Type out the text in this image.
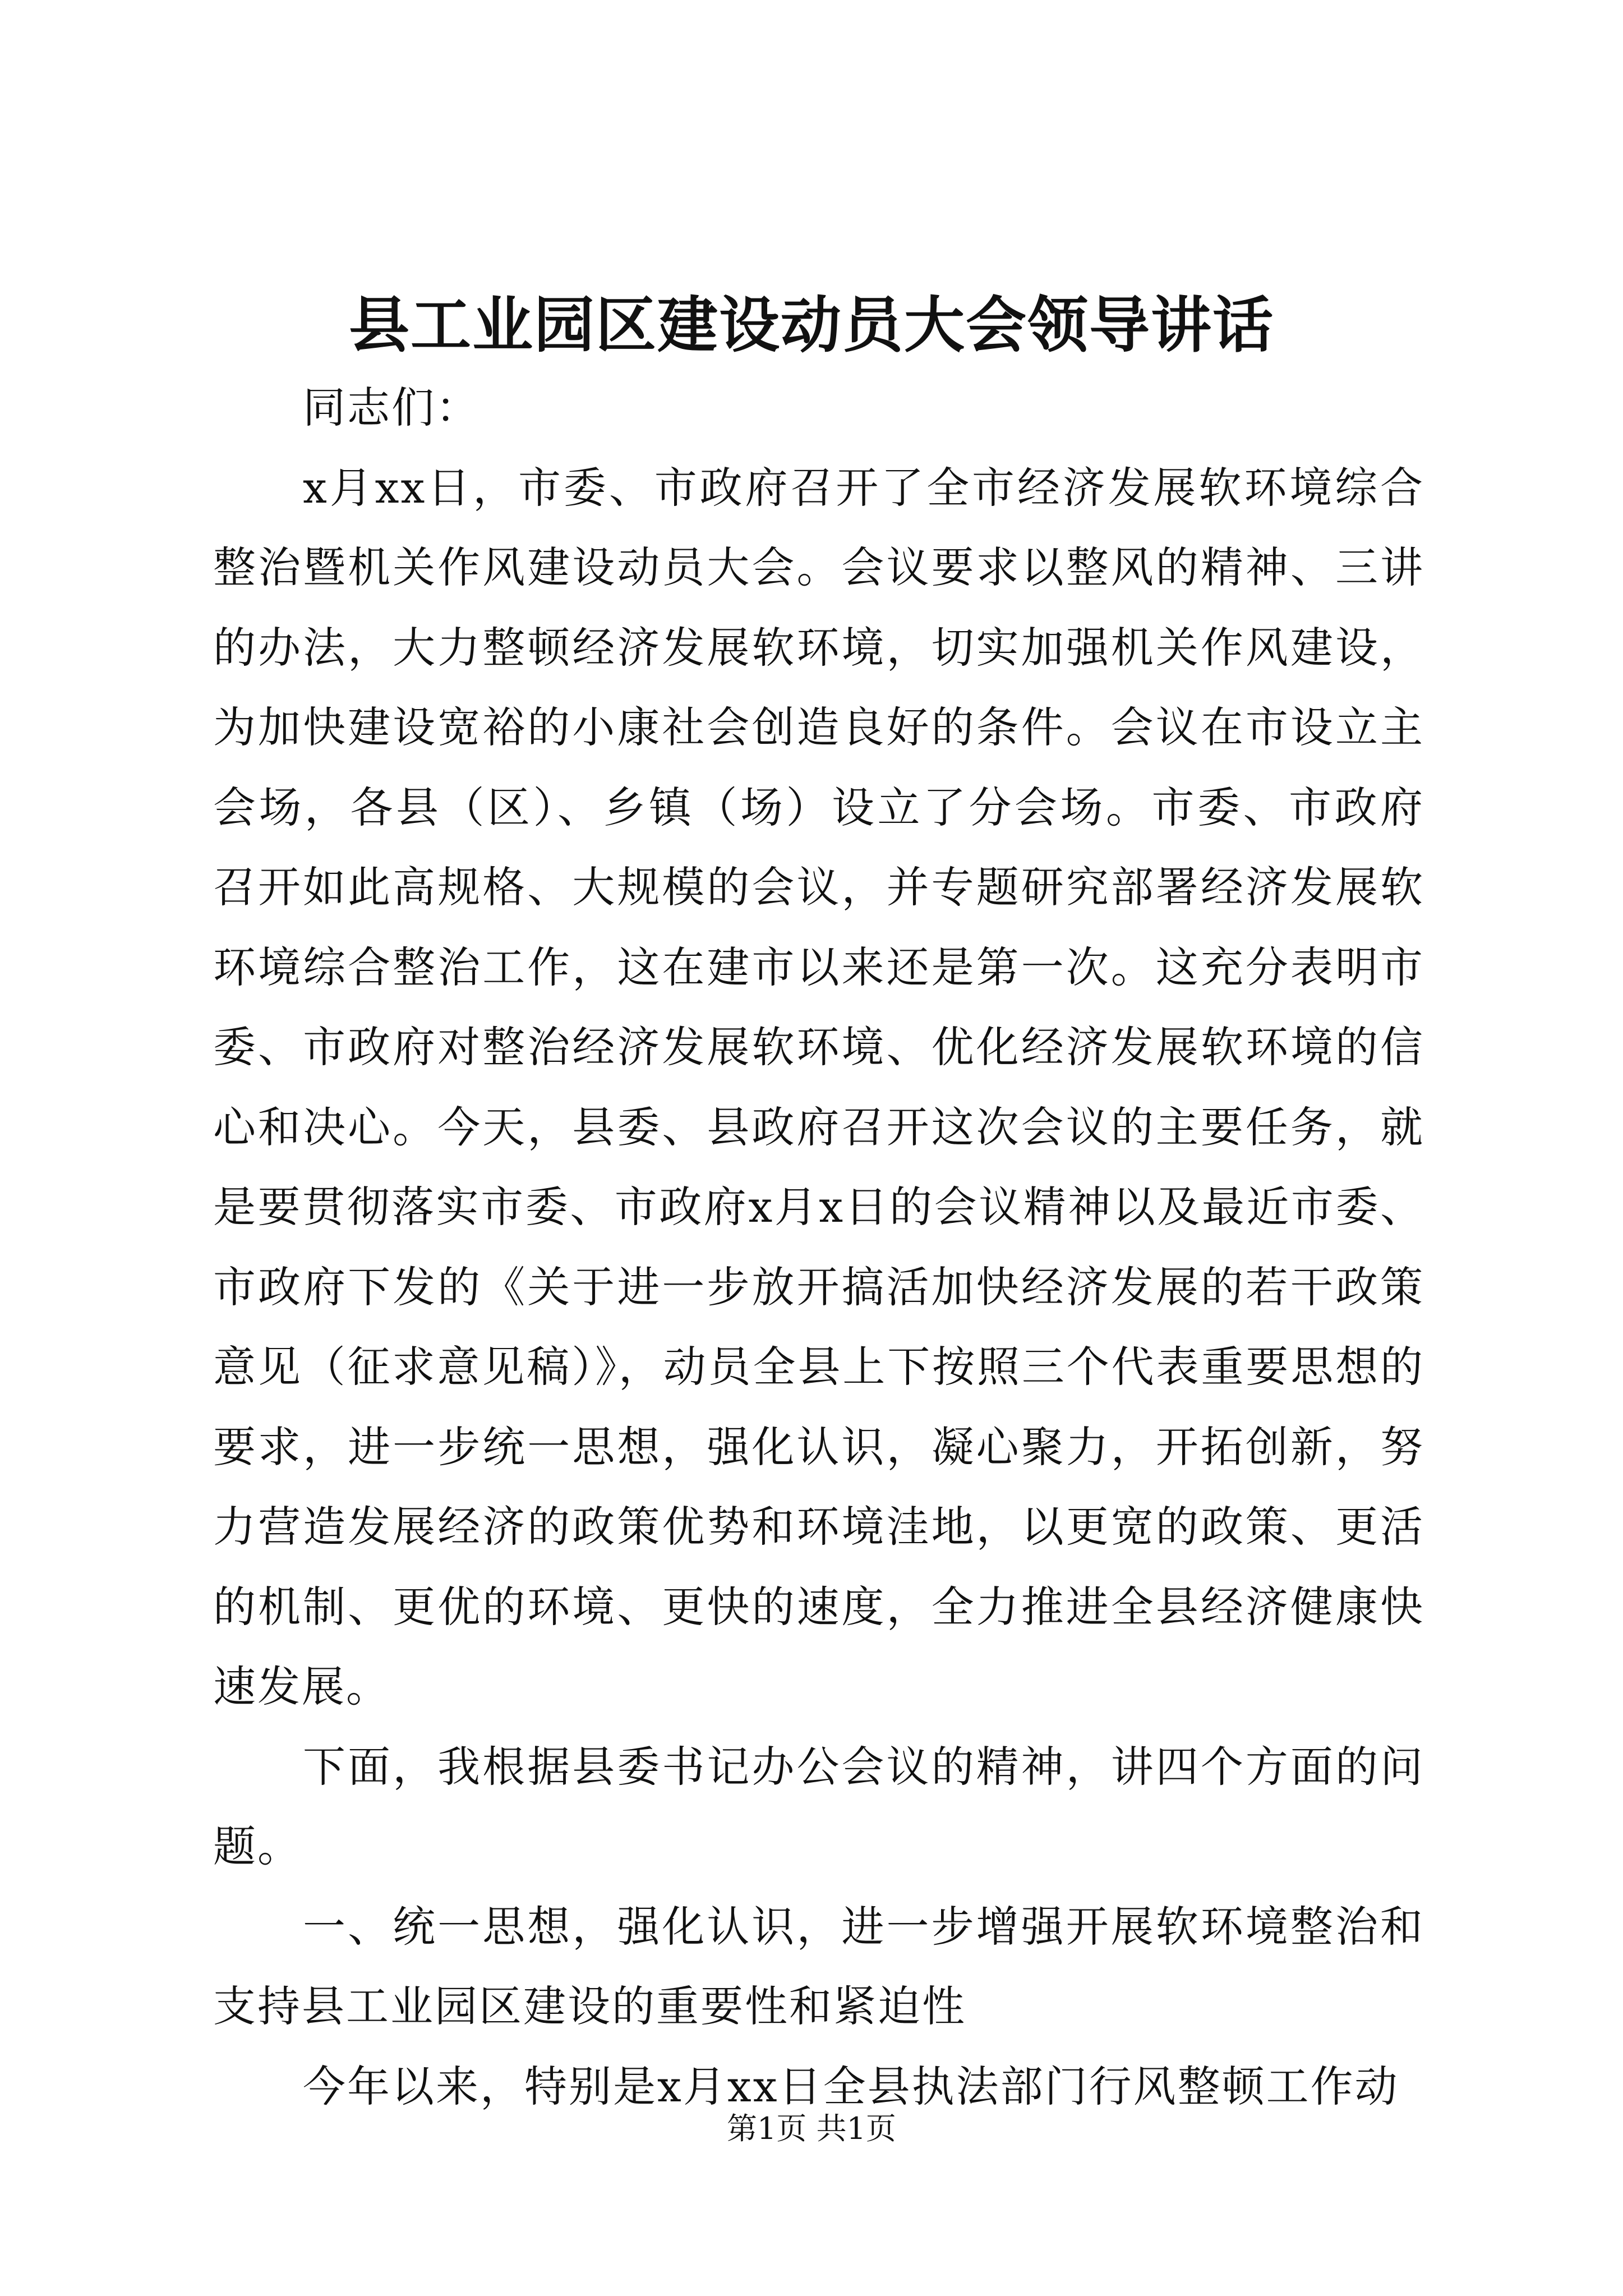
县工业园区建设动员大会领导讲话

同志们：

x月xx日，市委、市政府召开了全市经济发展软环境综合整治暨机关作风建设动员大会。会议要求以整风的精神、三讲的办法，大力整顿经济发展软环境，切实加强机关作风建设，为加快建设宽裕的小康社会创造良好的条件。会议在市设立主会场，各县（区）、乡镇（场）设立了分会场。市委、市政府召开如此高规格、大规模的会议，并专题研究部署经济发展软环境综合整治工作，这在建市以来还是第一次。这充分表明市委、市政府对整治经济发展软环境、优化经济发展软环境的信心和决心。今天，县委、县政府召开这次会议的主要任务，就是要贯彻落实市委、市政府x月x日的会议精神以及最近市委、市政府下发的《关于进一步放开搞活加快经济发展的若干政策意见（征求意见稿）》，动员全县上下按照三个代表重要思想的要求，进一步统一思想，强化认识，凝心聚力，开拓创新，努力营造发展经济的政策优势和环境洼地，以更宽的政策、更活的机制、更优的环境、更快的速度，全力推进全县经济健康快速发展。

下面，我根据县委书记办公会议的精神，讲四个方面的问题。

一、统一思想，强化认识，进一步增强开展软环境整治和支持县工业园区建设的重要性和紧迫性

今年以来，特别是x月xx日全县执法部门行风整顿工作动

第1页 共1页
